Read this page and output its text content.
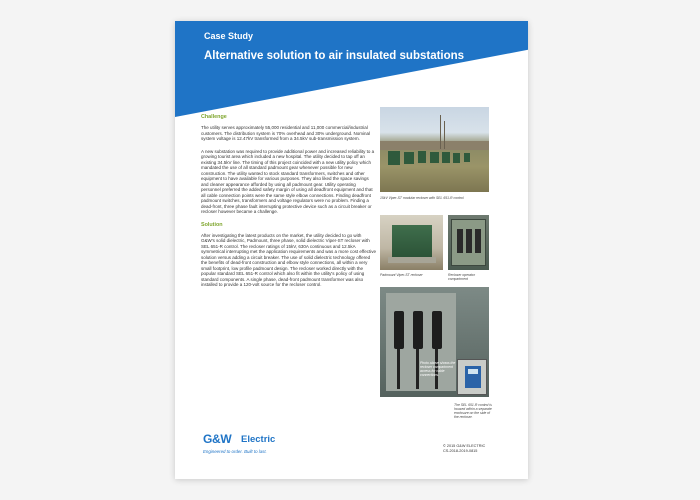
Case Study
Alternative solution to air insulated substations
Challenge

The utility serves approximately 55,000 residential and 11,000 commercial/industrial customers. The distribution system is 70% overhead and 30% underground. Nominal system voltage is 12.47kV transformed from a 34.5kV sub-transmission system.

A new substation was required to provide additional power and increased reliability to a growing tourist area which included a new hospital. The utility decided to tap off an existing 34.5kV line. The timing of this project coincided with a new utility policy which mandated the use of all standard padmount gear whenever possible for new construction. The utility wanted to stock standard transformers, switches and other equipment to have available for various purposes. They also liked the space savings and cleaner appearance afforded by using all padmount gear. Utility operating personnel preferred the added safety margin of using all deadfront equipment and that all cable connection points were the same style elbow connections. Finding deadfront padmount switches, transformers and voltage regulators were no problem. Finding a dead-front, three phase fault interrupting protective device such as a circuit breaker or recloser however became a challenge.

Solution

After investigating the latest products on the market, the utility decided to go with G&W's solid dielectric, Padmount, three phase, solid dielectric Viper-ST recloser with SEL 651-R control. The recloser ratings of 15kV, 630A continuous and 12.5kA symmetrical interrupting met the application requirements and was a more cost effective solution versus adding a circuit breaker. The use of solid dielectric technology offered the benefits of dead-front construction and elbow style connections, all within a very small footprint, low profile padmount design. The recloser worked directly with the popular standard SEL 651-R control which also fit within the utility's policy of using standard components. A single phase, dead-front padmount transformer was also installed to provide a 120-volt source for the recloser control.

15kV Viper-ST modular recloser with SEL 651-R control
Padmount Viper-ST recloser	Recloser operator compartment
Photo above shows the recloser compartment access for cable connections.
The SEL 651-R control is housed within a separate enclosure on the side of the recloser.
G&W Electric
Engineered to order. Built to last.
© 2015 G&W ELECTRIC
CS-2018-2019-0815
